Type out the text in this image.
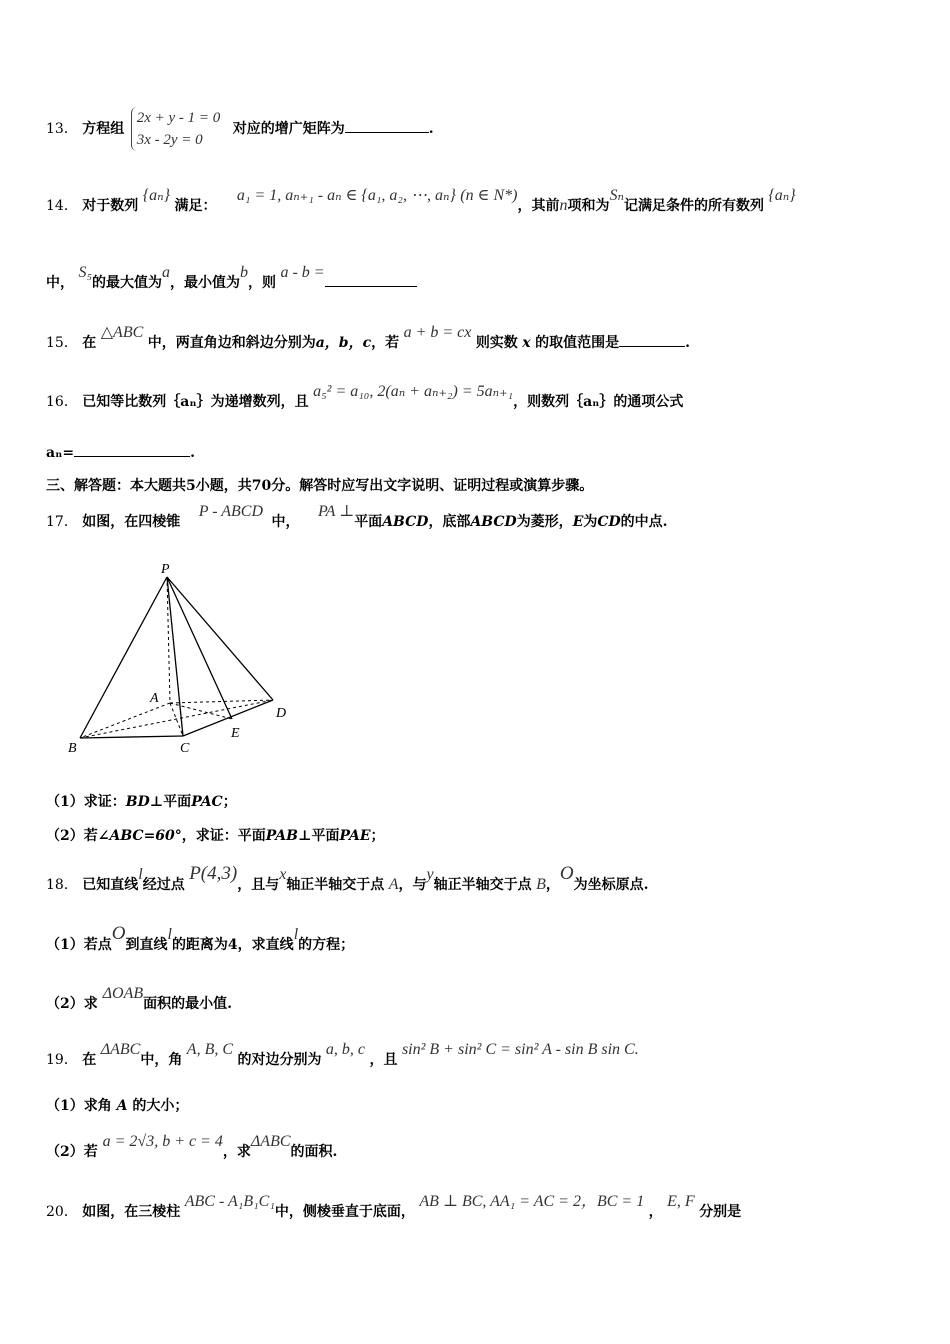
13． 方程组 2x + y - 1 = 0
3x - 2y = 0 对应的增广矩阵为	.
14． 对于数列 {aₙ} 满足： a₁ = 1, aₙ₊₁ - aₙ ∈ {a₁, a₂, ⋯, aₙ} (n ∈ N*)，其前n项和为Sₙ记满足条件的所有数列 {aₙ}
中， S₅的最大值为a，最小值为b，则 a - b =
15． 在 △ABC 中，两直角边和斜边分别为a，b，c，若 a + b = cx 则实数 x 的取值范围是	.
16． 已知等比数列｛aₙ｝为递增数列，且 a₅² = a₁₀, 2(aₙ + aₙ₊₂) = 5aₙ₊₁，则数列｛aₙ｝的通项公式
aₙ=	.
三、解答题：本大题共5小题，共70分。解答时应写出文字说明、证明过程或演算步骤。
17． 如图，在四棱锥 P - ABCD 中， PA ⊥平面ABCD，底部ABCD为菱形，E为CD的中点.
P
A
B	C
D
E
（1）求证：BD⊥平面PAC；
（2）若∠ABC=60°，求证：平面PAB⊥平面PAE；
18． 已知直线l经过点 P(4,3)，且与x轴正半轴交于点 A，与y轴正半轴交于点 B，O为坐标原点.
（1）若点O到直线l的距离为4，求直线l的方程；
（2）求 ΔOAB面积的最小值.
19． 在 ΔABC中，角 A, B, C 的对边分别为 a, b, c ，且 sin² B + sin² C = sin² A - sin B sin C.
（1）求角 A 的大小；
（2）若 a = 2√3, b + c = 4，求ΔABC的面积.
20． 如图，在三棱柱 ABC - A₁B₁C₁中，侧棱垂直于底面， AB ⊥ BC, AA₁ = AC = 2，BC = 1 ， E, F 分别是
